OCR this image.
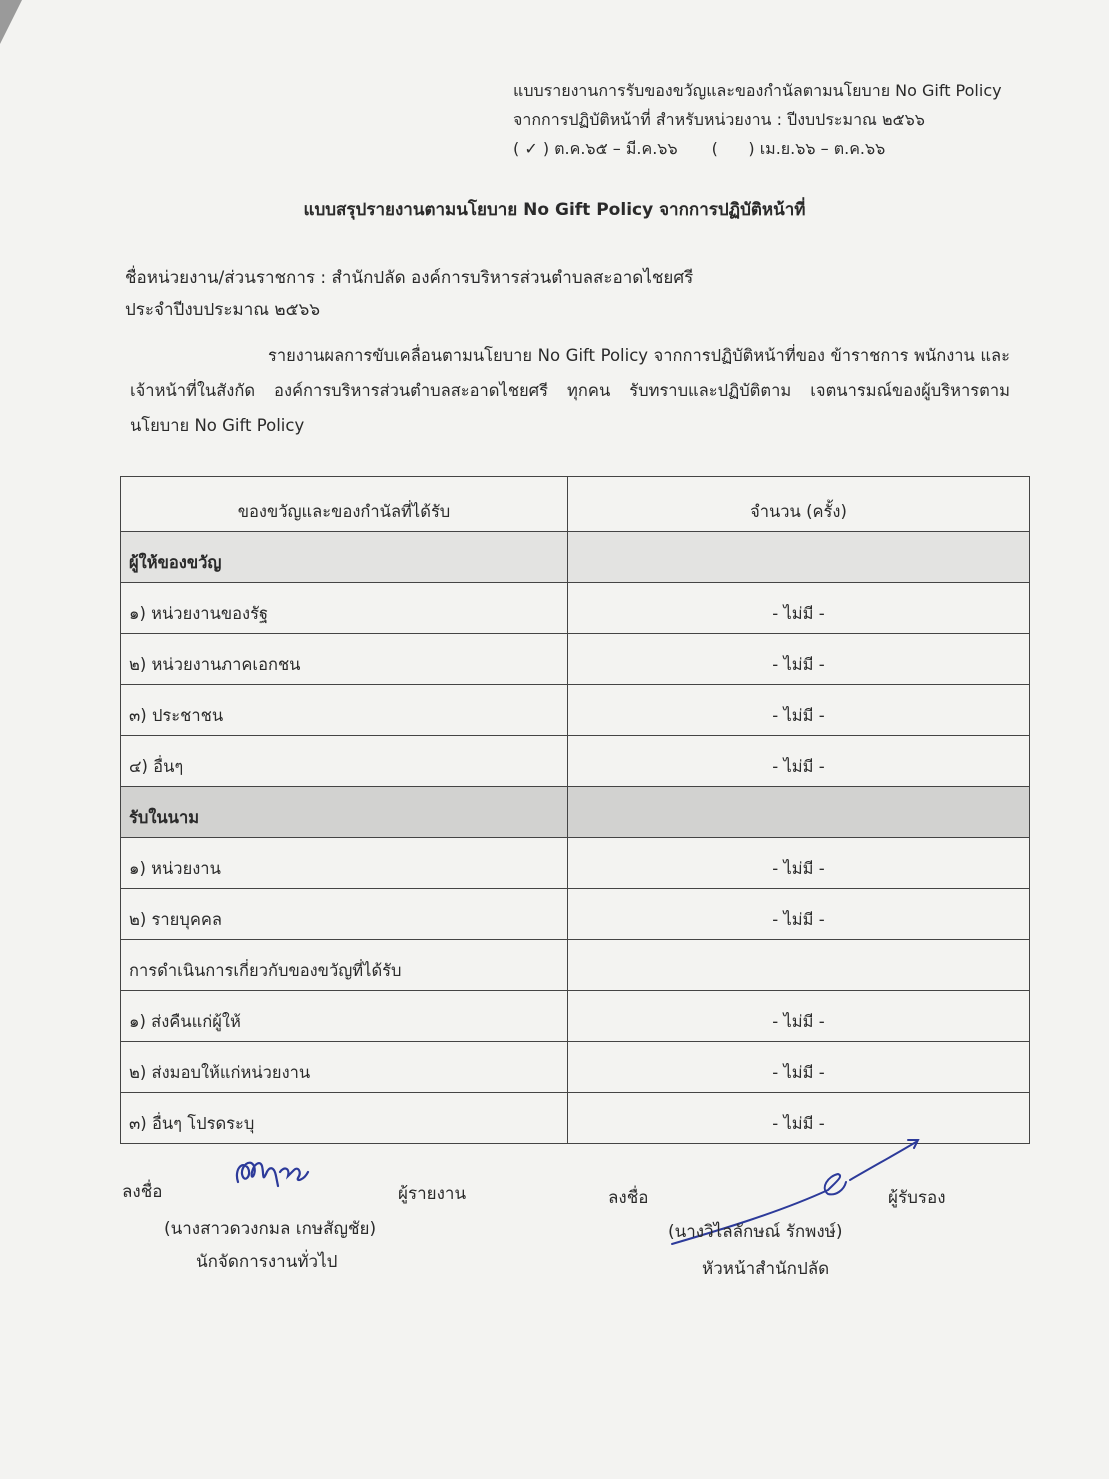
แบบรายงานการรับของขวัญและของกำนัลตามนโยบาย No Gift Policy
จากการปฏิบัติหน้าที่ สำหรับหน่วยงาน : ปีงบประมาณ ๒๕๖๖
( ✓ ) ต.ค.๖๕ – มี.ค.๖๖ (      ) เม.ย.๖๖ – ต.ค.๖๖
แบบสรุปรายงานตามนโยบาย No Gift Policy จากการปฏิบัติหน้าที่
ชื่อหน่วยงาน/ส่วนราชการ : สำนักปลัด องค์การบริหารส่วนตำบลสะอาดไชยศรี
ประจำปีงบประมาณ ๒๕๖๖
รายงานผลการขับเคลื่อนตามนโยบาย No Gift Policy จากการปฏิบัติหน้าที่ของ ข้าราชการ พนักงาน และเจ้าหน้าที่ในสังกัด องค์การบริหารส่วนตำบลสะอาดไชยศรี ทุกคน รับทราบและปฏิบัติตาม เจตนารมณ์ของผู้บริหารตามนโยบาย No Gift Policy
ของขวัญและของกำนัลที่ได้รับ	จำนวน (ครั้ง)
ผู้ให้ของขวัญ	
๑) หน่วยงานของรัฐ	- ไม่มี -
๒) หน่วยงานภาคเอกชน	- ไม่มี -
๓) ประชาชน	- ไม่มี -
๔) อื่นๆ	- ไม่มี -
รับในนาม	
๑) หน่วยงาน	- ไม่มี -
๒) รายบุคคล	- ไม่มี -
การดำเนินการเกี่ยวกับของขวัญที่ได้รับ	
๑) ส่งคืนแก่ผู้ให้	- ไม่มี -
๒) ส่งมอบให้แก่หน่วยงาน	- ไม่มี -
๓) อื่นๆ โปรดระบุ	- ไม่มี -
ลงชื่อ	ผู้รายงาน
(นางสาวดวงกมล เกษสัญชัย)
นักจัดการงานทั่วไป
ลงชื่อ	ผู้รับรอง
(นางวิไลลักษณ์ รักพงษ์)
หัวหน้าสำนักปลัด
